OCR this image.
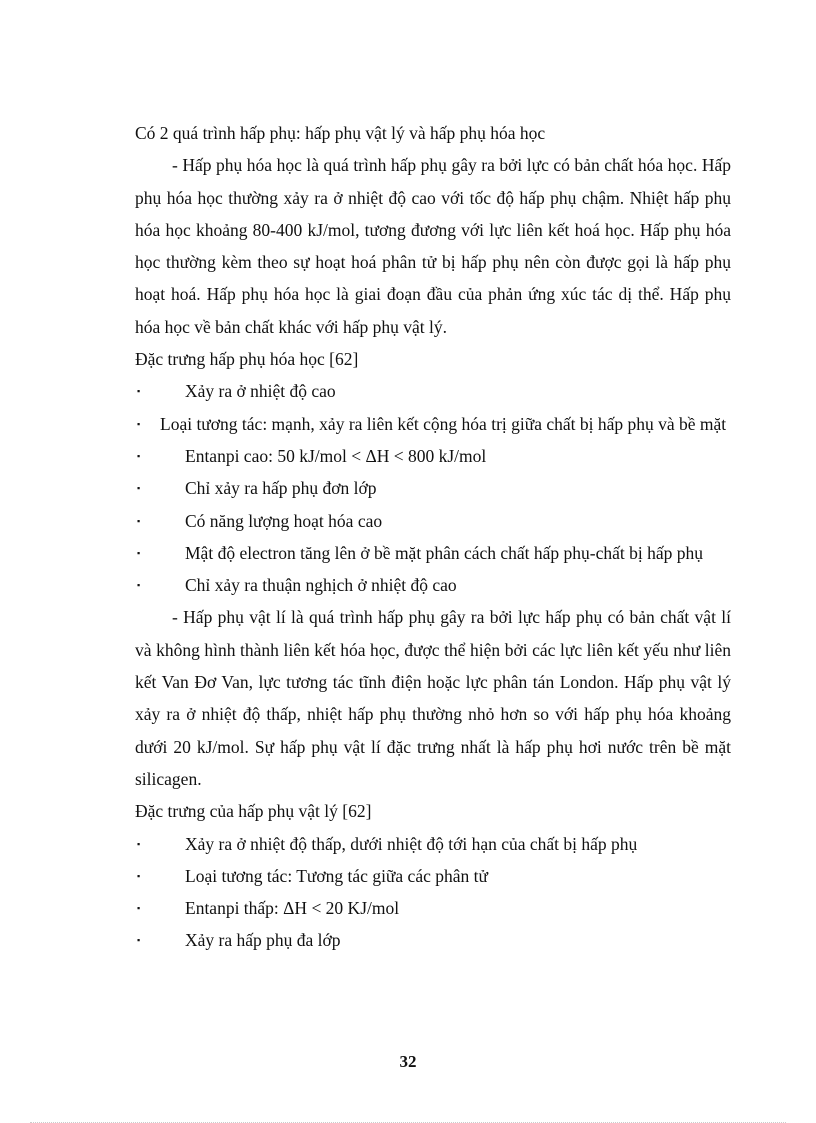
Có 2 quá trình hấp phụ: hấp phụ vật lý và hấp phụ hóa học

- Hấp phụ hóa học là quá trình hấp phụ gây ra bởi lực có bản chất hóa học. Hấp phụ hóa học thường xảy ra ở nhiệt độ cao với tốc độ hấp phụ chậm. Nhiệt hấp phụ hóa học khoảng 80-400 kJ/mol, tương đương với lực liên kết hoá học. Hấp phụ hóa học thường kèm theo sự hoạt hoá phân tử bị hấp phụ nên còn được gọi là hấp phụ hoạt hoá. Hấp phụ hóa học là giai đoạn đầu của phản ứng xúc tác dị thể. Hấp phụ hóa học về bản chất khác với hấp phụ vật lý.

Đặc trưng hấp phụ hóa học [62]

▪	Xảy ra ở nhiệt độ cao
▪ Loại tương tác: mạnh, xảy ra liên kết cộng hóa trị giữa chất bị hấp phụ và bề mặt
▪	Entanpi cao: 50 kJ/mol < ΔH < 800 kJ/mol
▪	Chỉ xảy ra hấp phụ đơn lớp
▪	Có năng lượng hoạt hóa cao
▪	Mật độ electron tăng lên ở bề mặt phân cách chất hấp phụ-chất bị hấp phụ
▪	Chỉ xảy ra thuận nghịch ở nhiệt độ cao

- Hấp phụ vật lí là quá trình hấp phụ gây ra bởi lực hấp phụ có bản chất vật lí và không hình thành liên kết hóa học, được thể hiện bởi các lực liên kết yếu như liên kết Van Đơ Van, lực tương tác tĩnh điện hoặc lực phân tán London. Hấp phụ vật lý xảy ra ở nhiệt độ thấp, nhiệt hấp phụ thường nhỏ hơn so với hấp phụ hóa khoảng dưới 20 kJ/mol. Sự hấp phụ vật lí đặc trưng nhất là hấp phụ hơi nước trên bề mặt silicagen.

Đặc trưng của hấp phụ vật lý [62]

▪	Xảy ra ở nhiệt độ thấp, dưới nhiệt độ tới hạn của chất bị hấp phụ
▪	Loại tương tác: Tương tác giữa các phân tử
▪	Entanpi thấp: ΔH < 20 KJ/mol
▪	Xảy ra hấp phụ đa lớp
32
